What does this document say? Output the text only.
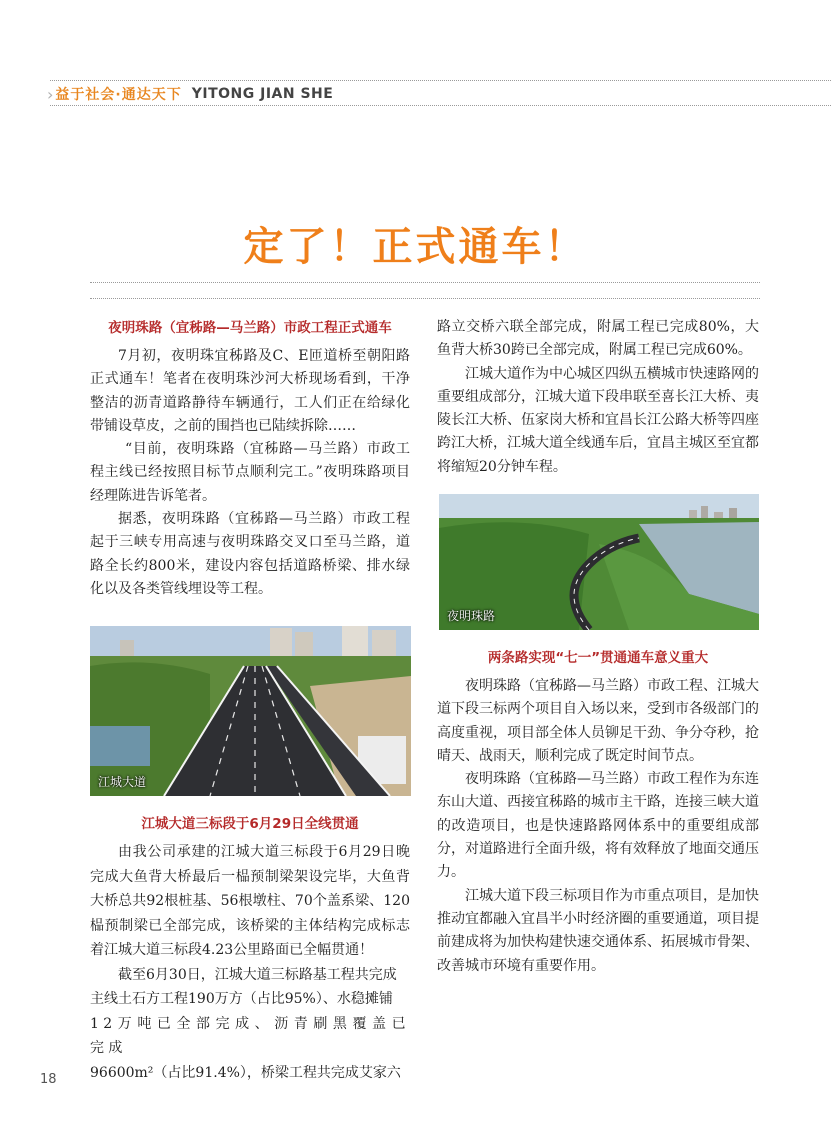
› 益于社会·通达天下 YITONG JIAN SHE
定了！正式通车！
夜明珠路（宜秭路—马兰路）市政工程正式通车

7月初，夜明珠宜秭路及C、E匝道桥至朝阳路正式通车！笔者在夜明珠沙河大桥现场看到，干净整洁的沥青道路静待车辆通行，工人们正在给绿化带铺设草皮，之前的围挡也已陆续拆除……

“目前，夜明珠路（宜秭路—马兰路）市政工程主线已经按照目标节点顺利完工。”夜明珠路项目经理陈进告诉笔者。

据悉，夜明珠路（宜秭路—马兰路）市政工程起于三峡专用高速与夜明珠路交叉口至马兰路，道路全长约800米，建设内容包括道路桥梁、排水绿化以及各类管线埋设等工程。

江城大道
江城大道三标段于6月29日全线贯通

由我公司承建的江城大道三标段于6月29日晚完成大鱼背大桥最后一榀预制梁架设完毕，大鱼背大桥总共92根桩基、56根墩柱、70个盖系梁、120榀预制梁已全部完成，该桥梁的主体结构完成标志着江城大道三标段4.23公里路面已全幅贯通！

截至6月30日，江城大道三标路基工程共完成
主线土石方工程190万方（占比95%）、水稳摊铺
12万吨已全部完成、沥青刷黑覆盖已完成
96600m²（占比91.4%），桥梁工程共完成艾家六

路立交桥六联全部完成，附属工程已完成80%，大鱼背大桥30跨已全部完成，附属工程已完成60%。

江城大道作为中心城区四纵五横城市快速路网的重要组成部分，江城大道下段串联至喜长江大桥、夷陵长江大桥、伍家岗大桥和宜昌长江公路大桥等四座跨江大桥，江城大道全线通车后，宜昌主城区至宜都将缩短20分钟车程。

夜明珠路
两条路实现“七一”贯通通车意义重大

夜明珠路（宜秭路—马兰路）市政工程、江城大道下段三标两个项目自入场以来，受到市各级部门的高度重视，项目部全体人员铆足干劲、争分夺秒，抢晴天、战雨天，顺利完成了既定时间节点。

夜明珠路（宜秭路—马兰路）市政工程作为东连东山大道、西接宜秭路的城市主干路，连接三峡大道的改造项目，也是快速路路网体系中的重要组成部分，对道路进行全面升级，将有效释放了地面交通压力。

江城大道下段三标项目作为市重点项目，是加快推动宜都融入宜昌半小时经济圈的重要通道，项目提前建成将为加快构建快速交通体系、拓展城市骨架、改善城市环境有重要作用。

18
